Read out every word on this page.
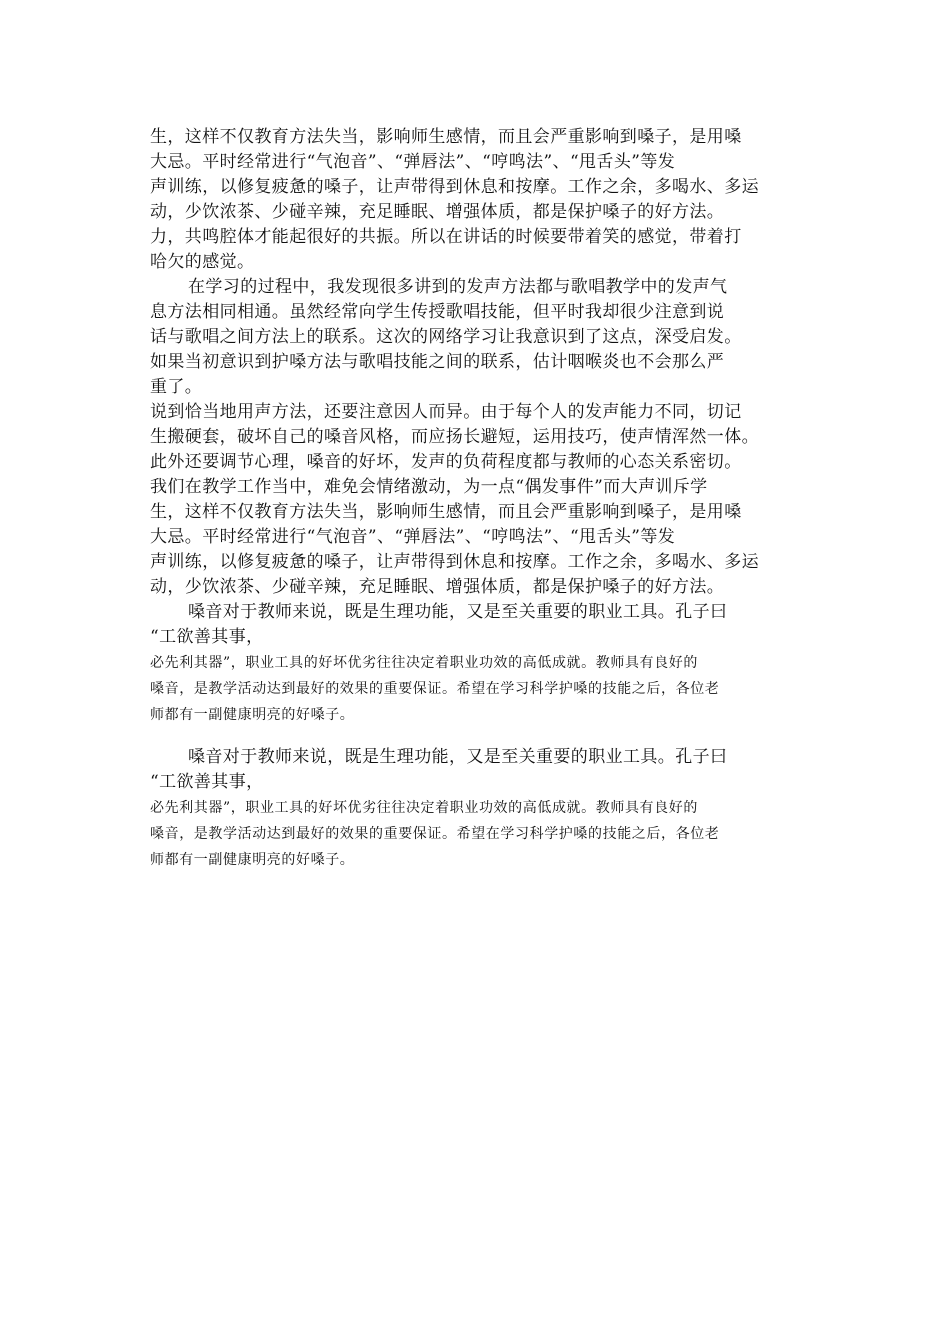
生，这样不仅教育方法失当，影响师生感情，而且会严重影响到嗓子，是用嗓
大忌。平时经常进行“气泡音”、“弹唇法”、“哼鸣法”、“甩舌头”等发
声训练，以修复疲惫的嗓子，让声带得到休息和按摩。工作之余，多喝水、多运
动，少饮浓茶、少碰辛辣，充足睡眠、增强体质，都是保护嗓子的好方法。
力，共鸣腔体才能起很好的共振。所以在讲话的时候要带着笑的感觉，带着打
哈欠的感觉。
在学习的过程中，我发现很多讲到的发声方法都与歌唱教学中的发声气
息方法相同相通。虽然经常向学生传授歌唱技能，但平时我却很少注意到说
话与歌唱之间方法上的联系。这次的网络学习让我意识到了这点，深受启发。
如果当初意识到护嗓方法与歌唱技能之间的联系，估计咽喉炎也不会那么严
重了。
说到恰当地用声方法，还要注意因人而异。由于每个人的发声能力不同，切记
生搬硬套，破坏自己的嗓音风格，而应扬长避短，运用技巧，使声情浑然一体。
此外还要调节心理，嗓音的好坏，发声的负荷程度都与教师的心态关系密切。
我们在教学工作当中，难免会情绪激动，为一点“偶发事件”而大声训斥学
生，这样不仅教育方法失当，影响师生感情，而且会严重影响到嗓子，是用嗓
大忌。平时经常进行“气泡音”、“弹唇法”、“哼鸣法”、“甩舌头”等发
声训练，以修复疲惫的嗓子，让声带得到休息和按摩。工作之余，多喝水、多运
动，少饮浓茶、少碰辛辣，充足睡眠、增强体质，都是保护嗓子的好方法。
嗓音对于教师来说，既是生理功能，又是至关重要的职业工具。孔子曰
“工欲善其事，
必先利其器”，职业工具的好坏优劣往往决定着职业功效的高低成就。教师具有良好的
嗓音，是教学活动达到最好的效果的重要保证。希望在学习科学护嗓的技能之后，各位老
师都有一副健康明亮的好嗓子。
嗓音对于教师来说，既是生理功能，又是至关重要的职业工具。孔子曰
“工欲善其事，
必先利其器”，职业工具的好坏优劣往往决定着职业功效的高低成就。教师具有良好的
嗓音，是教学活动达到最好的效果的重要保证。希望在学习科学护嗓的技能之后，各位老
师都有一副健康明亮的好嗓子。
